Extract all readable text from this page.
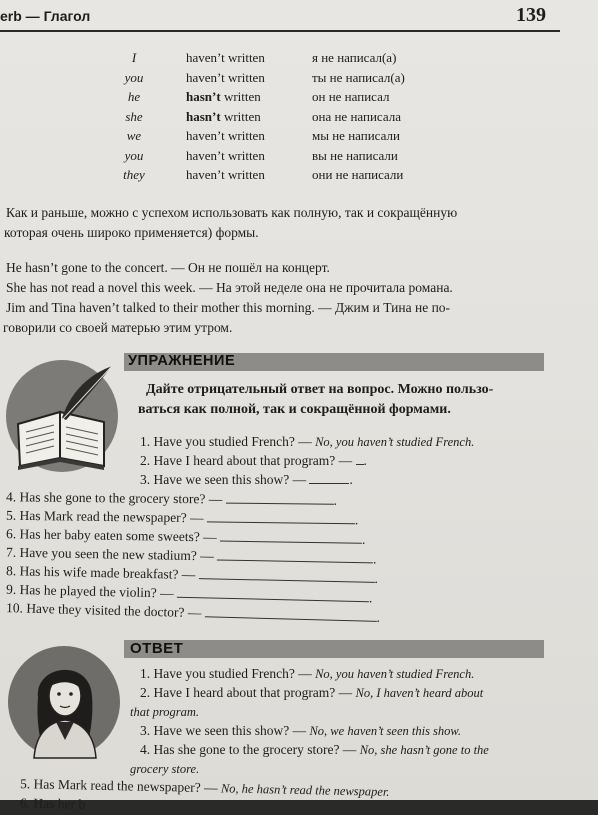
erb — Глагол	139
I	haven’t written	я не написал(а)
you	haven’t written	ты не написал(а)
he	hasn’t written	он не написал
she	hasn’t written	она не написала
we	haven’t written	мы не написали
you	haven’t written	вы не написали
they	haven’t written	они не написали

Как и раньше, можно с успехом использовать как полную, так и сокращённую

которая очень широко применяется) формы.

He hasn’t gone to the concert. — Он не пошёл на концерт.

She has not read a novel this week. — На этой неделе она не прочитала романа.

Jim and Tina haven’t talked to their mother this morning. — Джим и Тина не по-

говорили со своей матерью этим утром.

УПРАЖНЕНИЕ
Дайте отрицательный ответ на вопрос. Можно пользо-
ваться как полной, так и сокращённой формами.
1. Have you studied French? — No, you haven’t studied French.
2. Have I heard about that program? — .
3. Have we seen this show? —	.
4. Has she gone to the grocery store? —	.
5. Has Mark read the newspaper? —	.
6. Has her baby eaten some sweets? —	.
7. Have you seen the new stadium? —	.
8. Has his wife made breakfast? —	.
9. Has he played the violin? —	.
10. Have they visited the doctor? —	.
ОТВЕТ
1. Have you studied French? — No, you haven’t studied French.
2. Have I heard about that program? — No, I haven’t heard about
that program.
3. Have we seen this show? — No, we haven’t seen this show.
4. Has she gone to the grocery store? — No, she hasn’t gone to the
grocery store.
5. Has Mark read the newspaper? — No, he hasn’t read the newspaper.
6. Has her b
